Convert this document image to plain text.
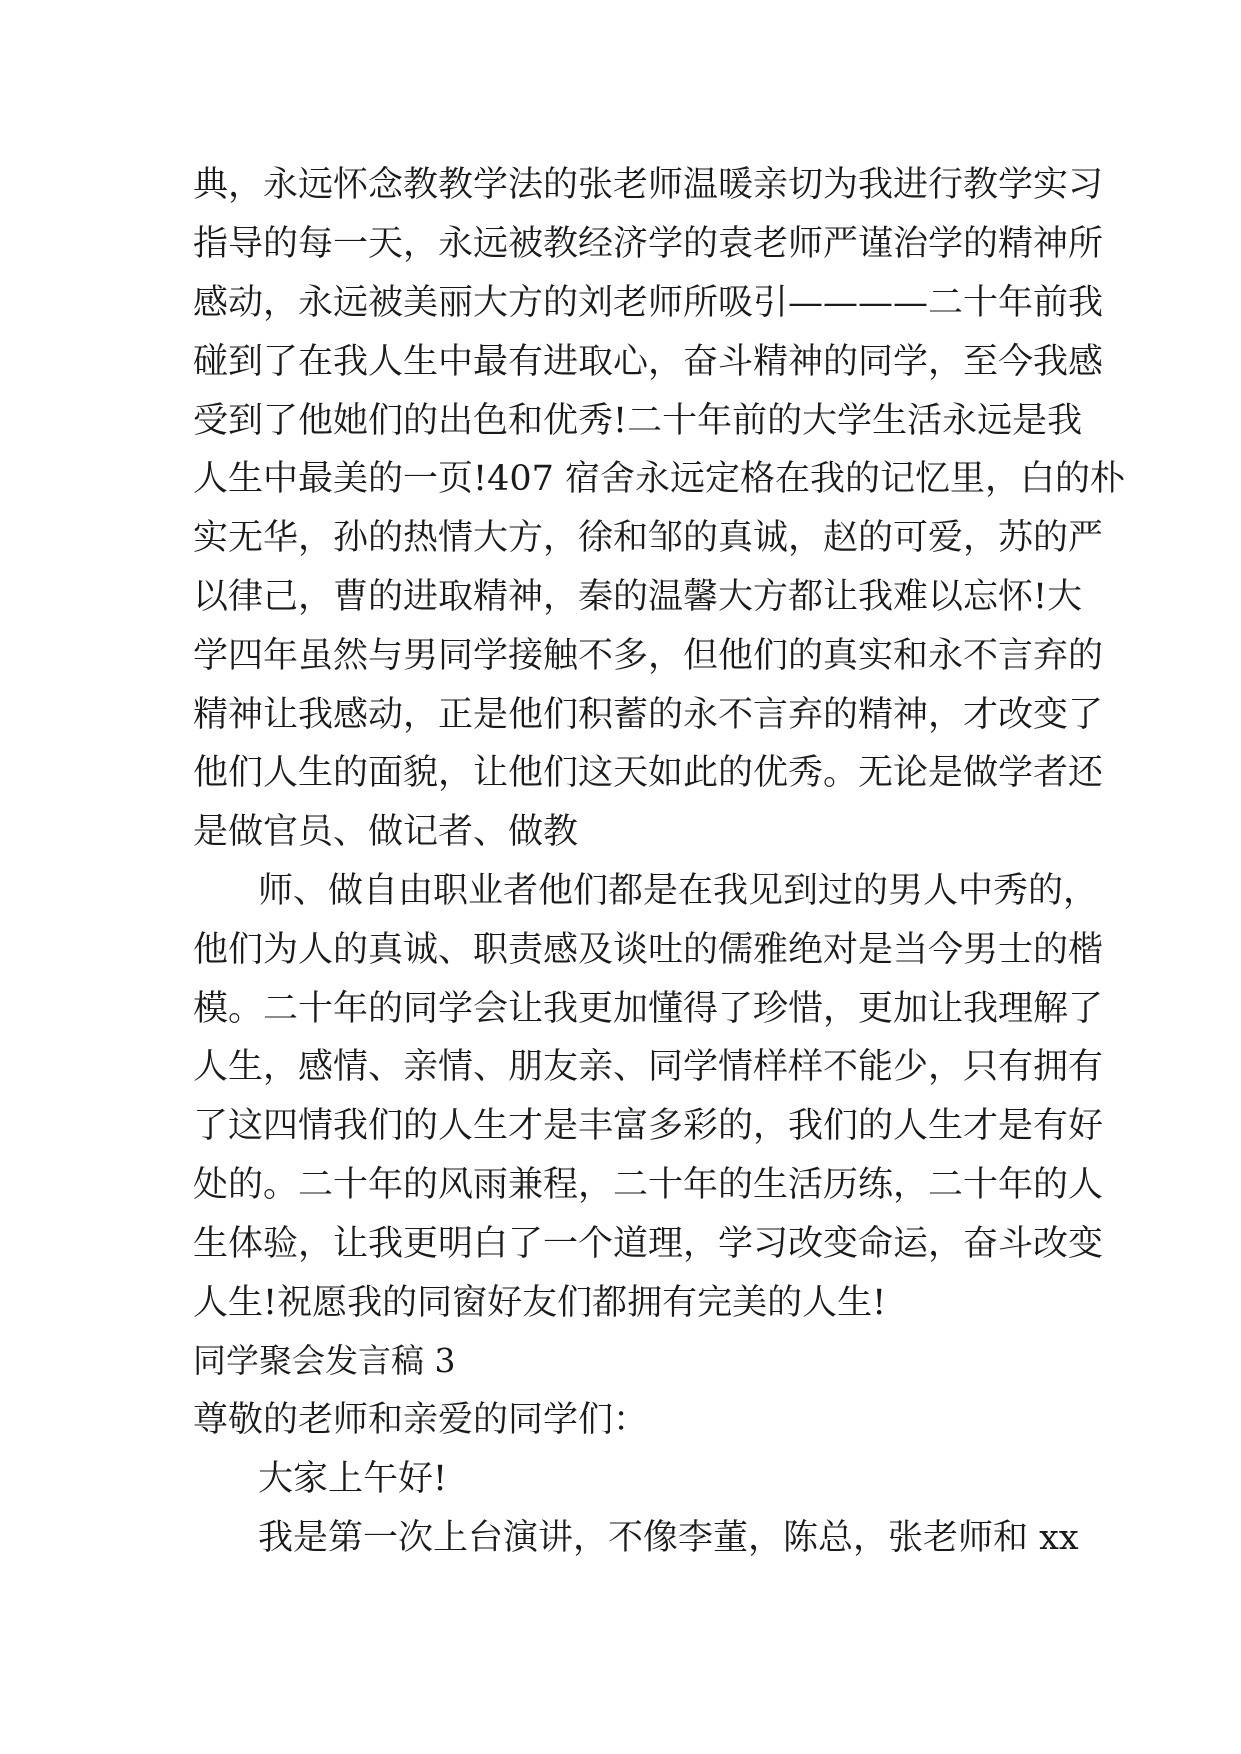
典，永远怀念教教学法的张老师温暖亲切为我进行教学实习
指导的每一天，永远被教经济学的袁老师严谨治学的精神所
感动，永远被美丽大方的刘老师所吸引————二十年前我
碰到了在我人生中最有进取心，奋斗精神的同学，至今我感
受到了他她们的出色和优秀!二十年前的大学生活永远是我
人生中最美的一页!407 宿舍永远定格在我的记忆里，白的朴
实无华，孙的热情大方，徐和邹的真诚，赵的可爱，苏的严
以律己，曹的进取精神，秦的温馨大方都让我难以忘怀!大
学四年虽然与男同学接触不多，但他们的真实和永不言弃的
精神让我感动，正是他们积蓄的永不言弃的精神，才改变了
他们人生的面貌，让他们这天如此的优秀。无论是做学者还
是做官员、做记者、做教
师、做自由职业者他们都是在我见到过的男人中秀的，
他们为人的真诚、职责感及谈吐的儒雅绝对是当今男士的楷
模。二十年的同学会让我更加懂得了珍惜，更加让我理解了
人生，感情、亲情、朋友亲、同学情样样不能少，只有拥有
了这四情我们的人生才是丰富多彩的，我们的人生才是有好
处的。二十年的风雨兼程，二十年的生活历练，二十年的人
生体验，让我更明白了一个道理，学习改变命运，奋斗改变
人生!祝愿我的同窗好友们都拥有完美的人生!
同学聚会发言稿 3
尊敬的老师和亲爱的同学们：
大家上午好!
我是第一次上台演讲，不像李董，陈总，张老师和 xx
